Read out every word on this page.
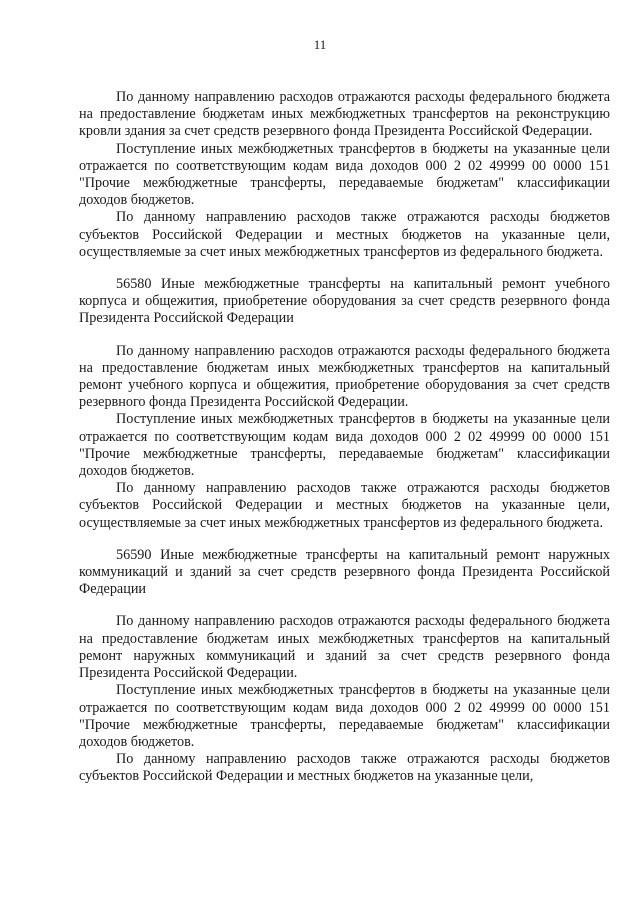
11

По данному направлению расходов отражаются расходы федерального бюджета на предоставление бюджетам иных межбюджетных трансфертов на реконструкцию кровли здания за счет средств резервного фонда Президента Российской Федерации.

Поступление иных межбюджетных трансфертов в бюджеты на указанные цели отражается по соответствующим кодам вида доходов 000 2 02 49999 00 0000 151 "Прочие межбюджетные трансферты, передаваемые бюджетам" классификации доходов бюджетов.

По данному направлению расходов также отражаются расходы бюджетов субъектов Российской Федерации и местных бюджетов на указанные цели, осуществляемые за счет иных межбюджетных трансфертов из федерального бюджета.

56580 Иные межбюджетные трансферты на капитальный ремонт учебного корпуса и общежития, приобретение оборудования за счет средств резервного фонда Президента Российской Федерации

По данному направлению расходов отражаются расходы федерального бюджета на предоставление бюджетам иных межбюджетных трансфертов на капитальный ремонт учебного корпуса и общежития, приобретение оборудования за счет средств резервного фонда Президента Российской Федерации.

Поступление иных межбюджетных трансфертов в бюджеты на указанные цели отражается по соответствующим кодам вида доходов 000 2 02 49999 00 0000 151 "Прочие межбюджетные трансферты, передаваемые бюджетам" классификации доходов бюджетов.

По данному направлению расходов также отражаются расходы бюджетов субъектов Российской Федерации и местных бюджетов на указанные цели, осуществляемые за счет иных межбюджетных трансфертов из федерального бюджета.

56590 Иные межбюджетные трансферты на капитальный ремонт наружных коммуникаций и зданий за счет средств резервного фонда Президента Российской Федерации

По данному направлению расходов отражаются расходы федерального бюджета на предоставление бюджетам иных межбюджетных трансфертов на капитальный ремонт наружных коммуникаций и зданий за счет средств резервного фонда Президента Российской Федерации.

Поступление иных межбюджетных трансфертов в бюджеты на указанные цели отражается по соответствующим кодам вида доходов 000 2 02 49999 00 0000 151 "Прочие межбюджетные трансферты, передаваемые бюджетам" классификации доходов бюджетов.

По данному направлению расходов также отражаются расходы бюджетов субъектов Российской Федерации и местных бюджетов на указанные цели,
